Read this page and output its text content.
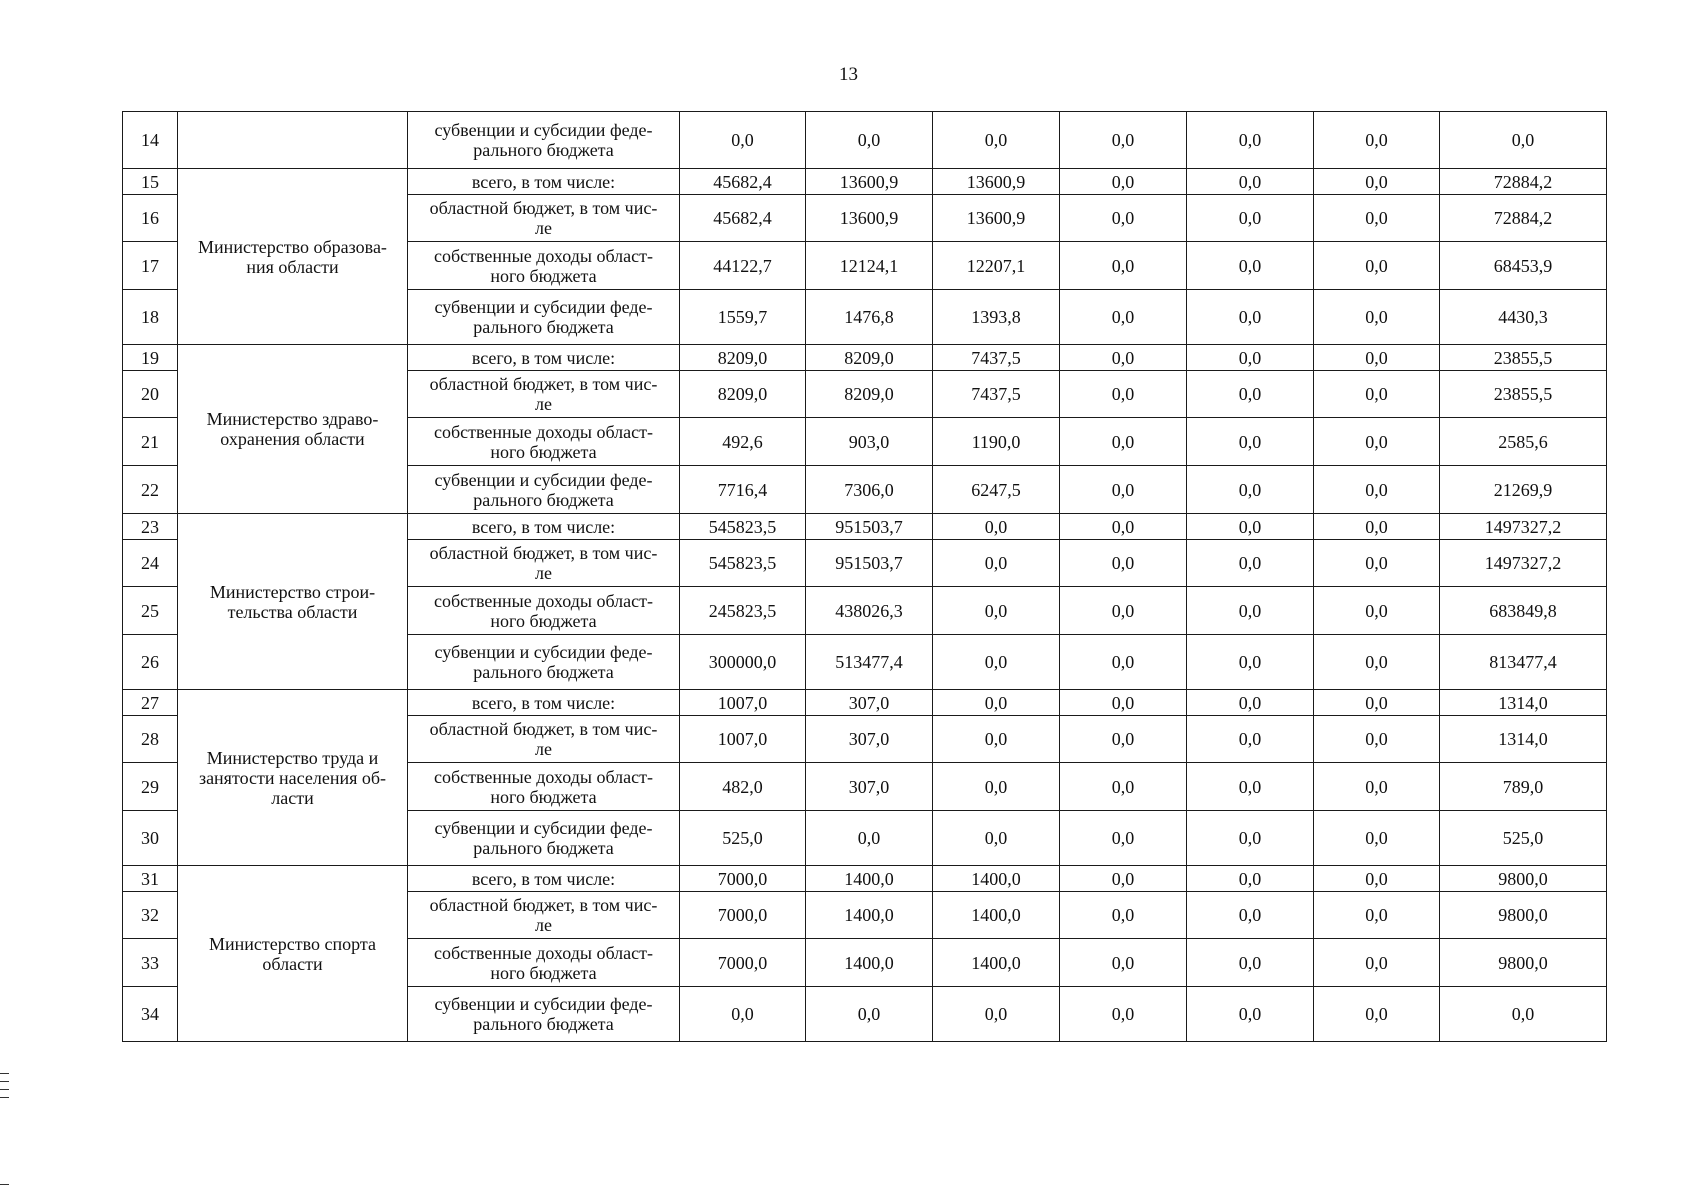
13
14		субвенции и субсидии феде-
рального бюджета	0,0	0,0	0,0	0,0	0,0	0,0	0,0
15	Министерство образова-
ния области	всего, в том числе:	45682,4	13600,9	13600,9	0,0	0,0	0,0	72884,2
16		областной бюджет, в том чис-
ле	45682,4	13600,9	13600,9	0,0	0,0	0,0	72884,2
17		собственные доходы област-
ного бюджета	44122,7	12124,1	12207,1	0,0	0,0	0,0	68453,9
18		субвенции и субсидии феде-
рального бюджета	1559,7	1476,8	1393,8	0,0	0,0	0,0	4430,3
19	Министерство здраво-
охранения области	всего, в том числе:	8209,0	8209,0	7437,5	0,0	0,0	0,0	23855,5
20		областной бюджет, в том чис-
ле	8209,0	8209,0	7437,5	0,0	0,0	0,0	23855,5
21		собственные доходы област-
ного бюджета	492,6	903,0	1190,0	0,0	0,0	0,0	2585,6
22		субвенции и субсидии феде-
рального бюджета	7716,4	7306,0	6247,5	0,0	0,0	0,0	21269,9
23	Министерство строи-
тельства области	всего, в том числе:	545823,5	951503,7	0,0	0,0	0,0	0,0	1497327,2
24		областной бюджет, в том чис-
ле	545823,5	951503,7	0,0	0,0	0,0	0,0	1497327,2
25		собственные доходы област-
ного бюджета	245823,5	438026,3	0,0	0,0	0,0	0,0	683849,8
26		субвенции и субсидии феде-
рального бюджета	300000,0	513477,4	0,0	0,0	0,0	0,0	813477,4
27	Министерство труда и
занятости населения об-
ласти	всего, в том числе:	1007,0	307,0	0,0	0,0	0,0	0,0	1314,0
28		областной бюджет, в том чис-
ле	1007,0	307,0	0,0	0,0	0,0	0,0	1314,0
29		собственные доходы област-
ного бюджета	482,0	307,0	0,0	0,0	0,0	0,0	789,0
30		субвенции и субсидии феде-
рального бюджета	525,0	0,0	0,0	0,0	0,0	0,0	525,0
31	Министерство спорта
области	всего, в том числе:	7000,0	1400,0	1400,0	0,0	0,0	0,0	9800,0
32		областной бюджет, в том чис-
ле	7000,0	1400,0	1400,0	0,0	0,0	0,0	9800,0
33		собственные доходы област-
ного бюджета	7000,0	1400,0	1400,0	0,0	0,0	0,0	9800,0
34		субвенции и субсидии феде-
рального бюджета	0,0	0,0	0,0	0,0	0,0	0,0	0,0
